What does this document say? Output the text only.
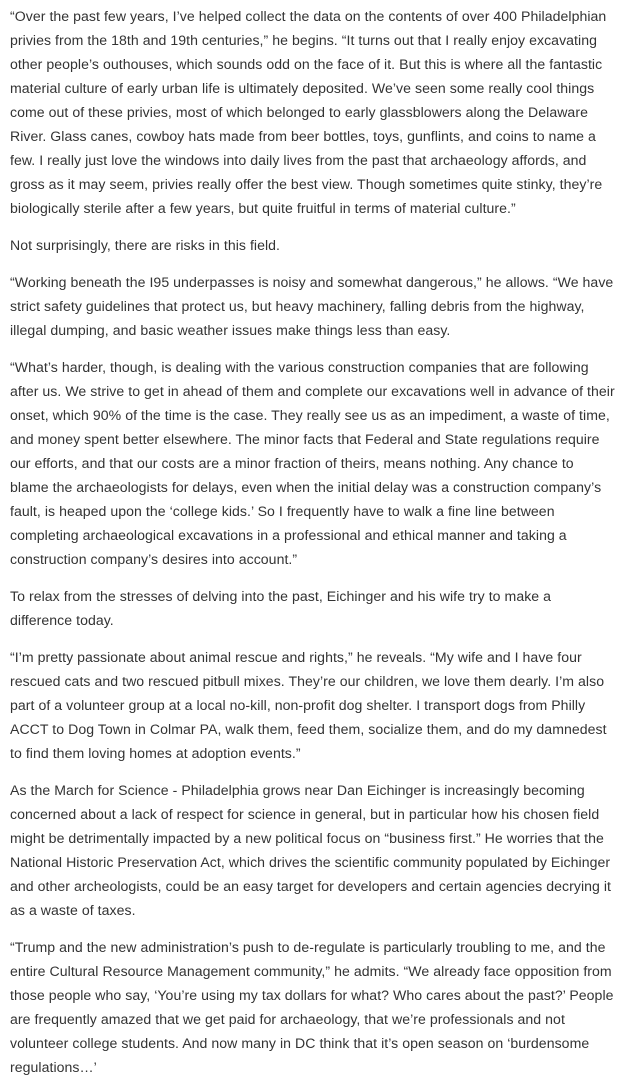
“Over the past few years, I’ve helped collect the data on the contents of over 400 Philadelphian privies from the 18th and 19th centuries,” he begins. “It turns out that I really enjoy excavating other people’s outhouses, which sounds odd on the face of it. But this is where all the fantastic material culture of early urban life is ultimately deposited. We’ve seen some really cool things come out of these privies, most of which belonged to early glassblowers along the Delaware River. Glass canes, cowboy hats made from beer bottles, toys, gunflints, and coins to name a few. I really just love the windows into daily lives from the past that archaeology affords, and gross as it may seem, privies really offer the best view. Though sometimes quite stinky, they’re biologically sterile after a few years, but quite fruitful in terms of material culture.”

Not surprisingly, there are risks in this field.

“Working beneath the I95 underpasses is noisy and somewhat dangerous,” he allows. “We have strict safety guidelines that protect us, but heavy machinery, falling debris from the highway, illegal dumping, and basic weather issues make things less than easy.

“What’s harder, though, is dealing with the various construction companies that are following after us. We strive to get in ahead of them and complete our excavations well in advance of their onset, which 90% of the time is the case. They really see us as an impediment, a waste of time, and money spent better elsewhere. The minor facts that Federal and State regulations require our efforts, and that our costs are a minor fraction of theirs, means nothing. Any chance to blame the archaeologists for delays, even when the initial delay was a construction company’s fault, is heaped upon the ‘college kids.’ So I frequently have to walk a fine line between completing archaeological excavations in a professional and ethical manner and taking a construction company’s desires into account.”

To relax from the stresses of delving into the past, Eichinger and his wife try to make a difference today.

“I’m pretty passionate about animal rescue and rights,” he reveals. “My wife and I have four rescued cats and two rescued pitbull mixes. They’re our children, we love them dearly. I’m also part of a volunteer group at a local no-kill, non-profit dog shelter. I transport dogs from Philly ACCT to Dog Town in Colmar PA, walk them, feed them, socialize them, and do my damnedest to find them loving homes at adoption events.”

As the March for Science - Philadelphia grows near Dan Eichinger is increasingly becoming concerned about a lack of respect for science in general, but in particular how his chosen field might be detrimentally impacted by a new political focus on “business first.” He worries that the National Historic Preservation Act, which drives the scientific community populated by Eichinger and other archeologists, could be an easy target for developers and certain agencies decrying it as a waste of taxes.

“Trump and the new administration’s push to de-regulate is particularly troubling to me, and the entire Cultural Resource Management community,” he admits. “We already face opposition from those people who say, ‘You’re using my tax dollars for what? Who cares about the past?’ People are frequently amazed that we get paid for archaeology, that we’re professionals and not volunteer college students. And now many in DC think that it’s open season on ‘burdensome regulations…’
